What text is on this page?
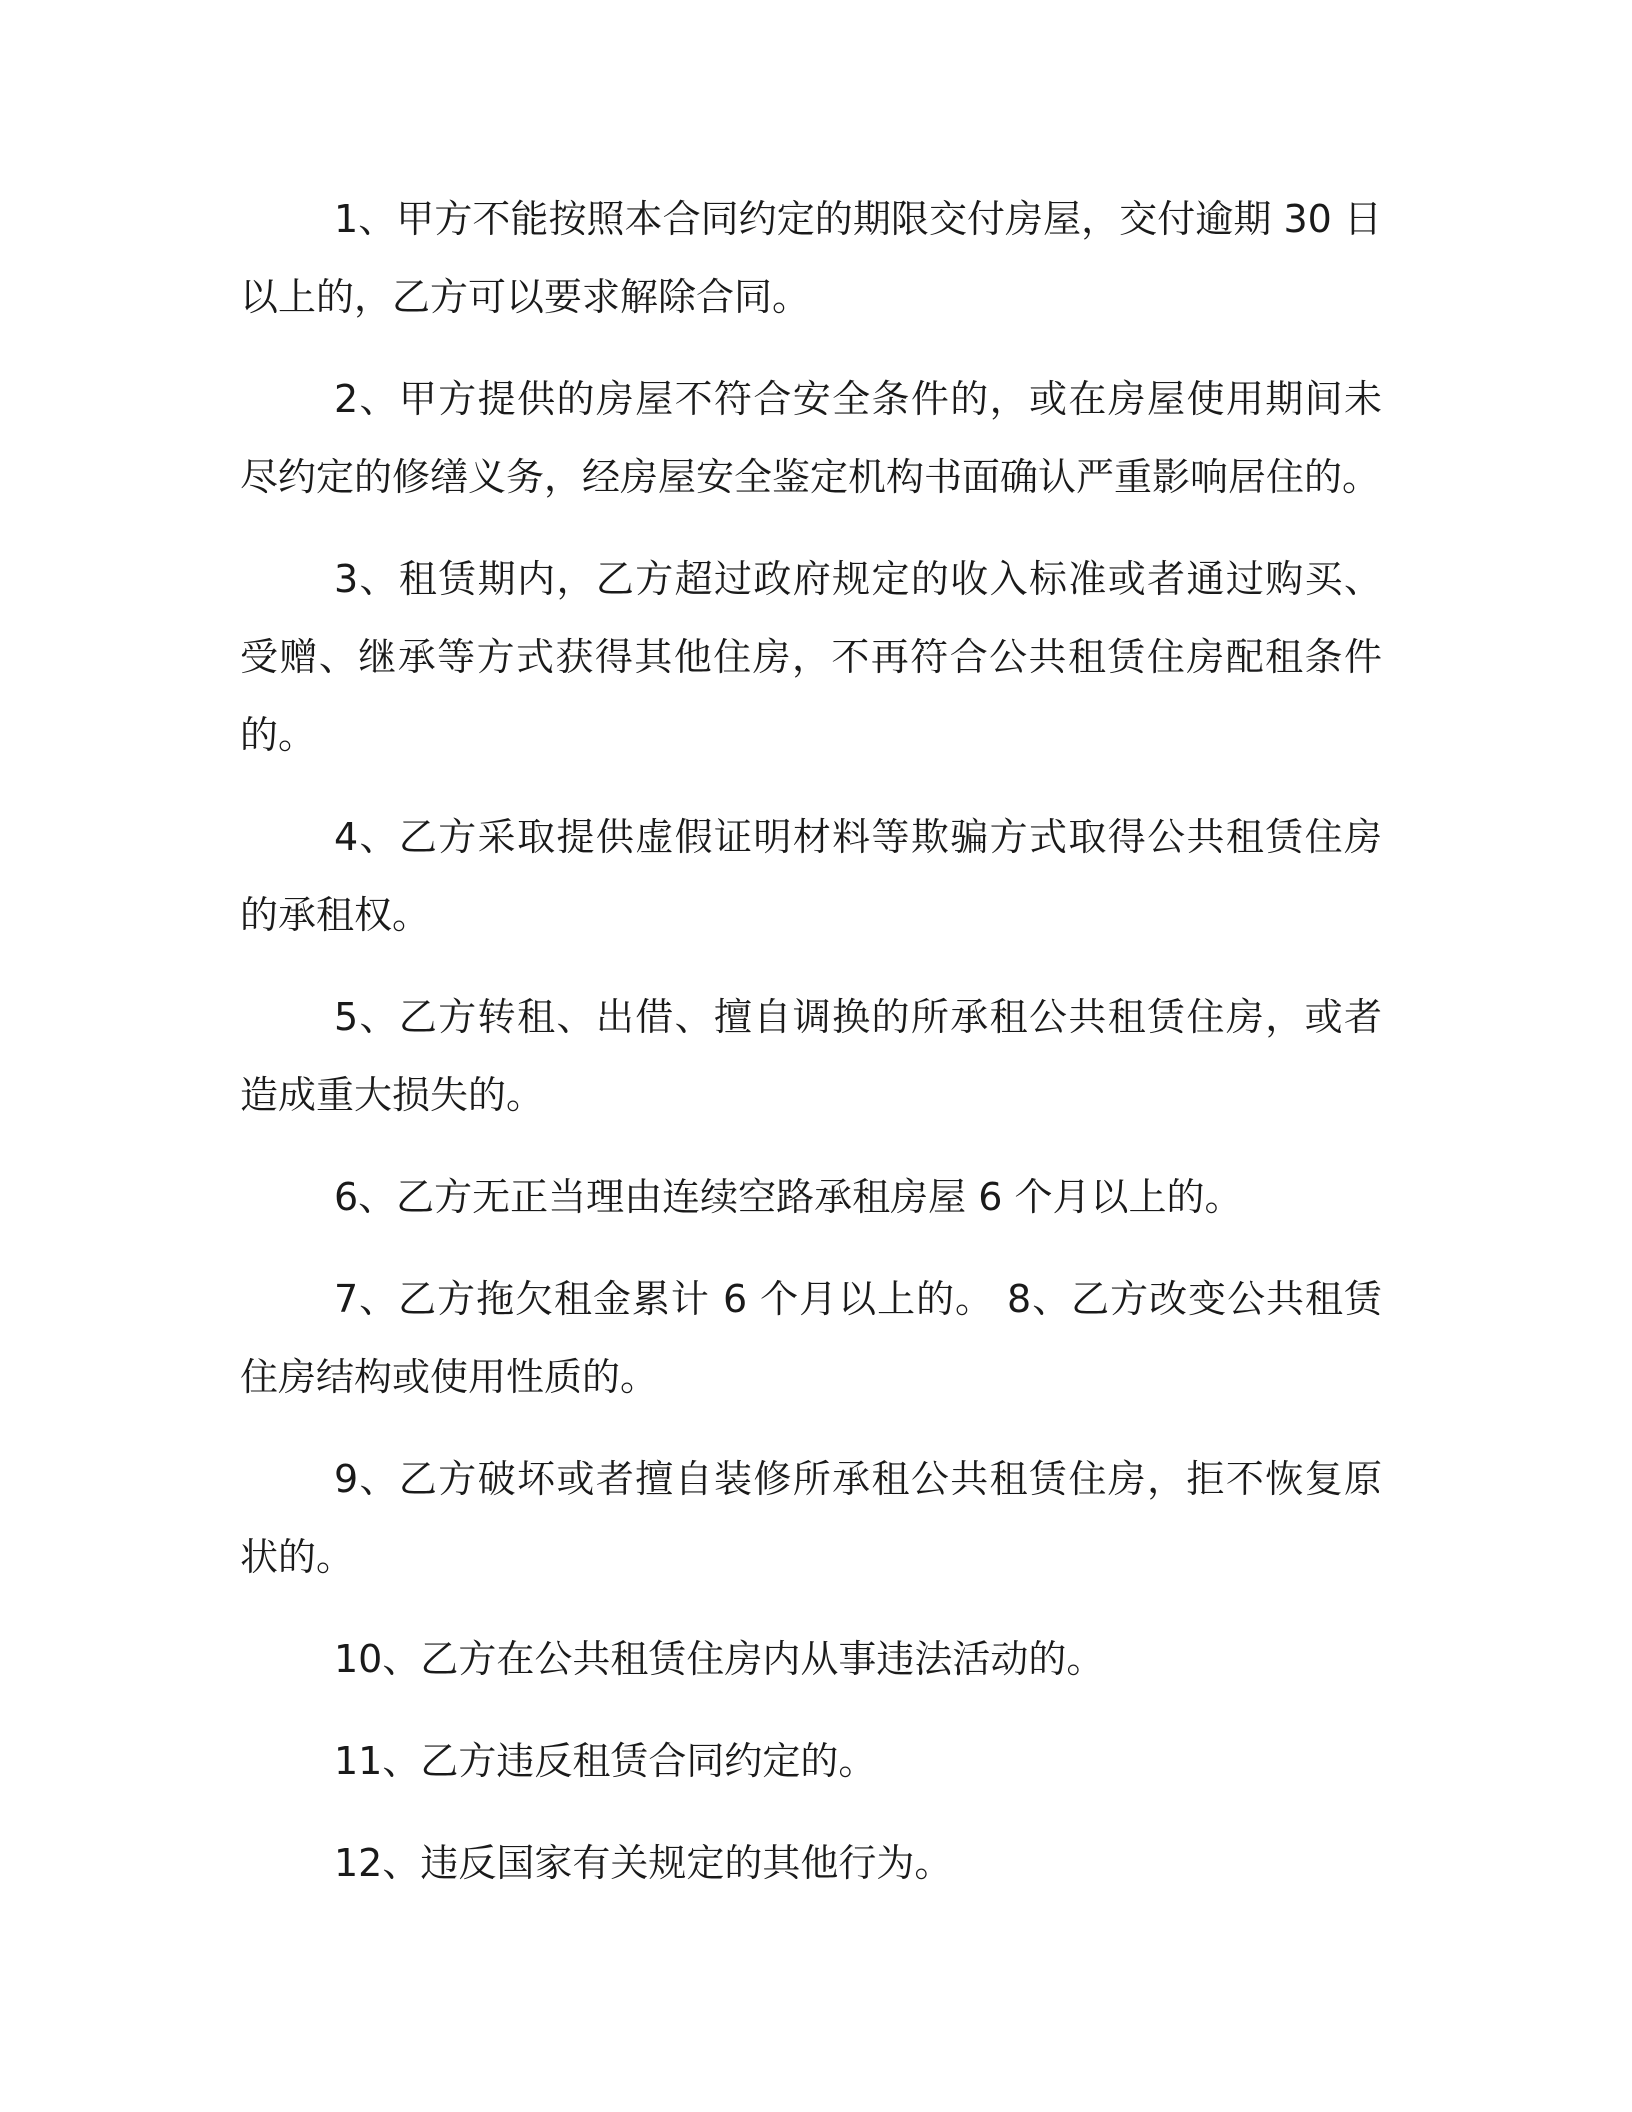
1、甲方不能按照本合同约定的期限交付房屋，交付逾期 30 日以上的，乙方可以要求解除合同。

2、甲方提供的房屋不符合安全条件的，或在房屋使用期间未尽约定的修缮义务，经房屋安全鉴定机构书面确认严重影响居住的。

3、租赁期内，乙方超过政府规定的收入标准或者通过购买、受赠、继承等方式获得其他住房，不再符合公共租赁住房配租条件的。

4、乙方采取提供虚假证明材料等欺骗方式取得公共租赁住房的承租权。

5、乙方转租、出借、擅自调换的所承租公共租赁住房，或者造成重大损失的。

6、乙方无正当理由连续空路承租房屋 6 个月以上的。

7、乙方拖欠租金累计 6 个月以上的。 8、乙方改变公共租赁住房结构或使用性质的。

9、乙方破坏或者擅自装修所承租公共租赁住房，拒不恢复原状的。

10、乙方在公共租赁住房内从事违法活动的。

11、乙方违反租赁合同约定的。

12、违反国家有关规定的其他行为。
